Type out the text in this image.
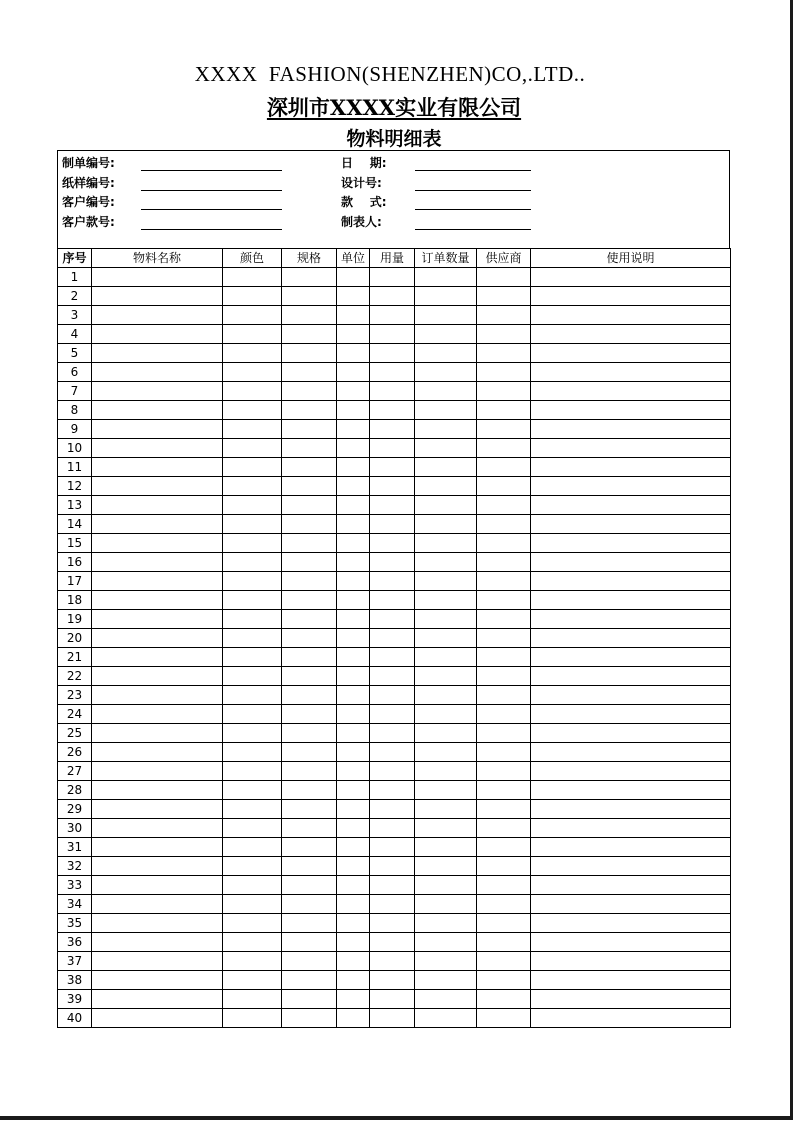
XXXX  FASHION(SHENZHEN)CO,.LTD..
深圳市XXXX实业有限公司
物料明细表
制单编号:
纸样编号:
客户编号:
客户款号:
日    期:
设计号:
款    式:
制表人:
序号	物料名称	颜色	规格	单位	用量	订单数量	供应商	使用说明
1								
2								
3								
4								
5								
6								
7								
8								
9								
10								
11								
12								
13								
14								
15								
16								
17								
18								
19								
20								
21								
22								
23								
24								
25								
26								
27								
28								
29								
30								
31								
32								
33								
34								
35								
36								
37								
38								
39								
40								
